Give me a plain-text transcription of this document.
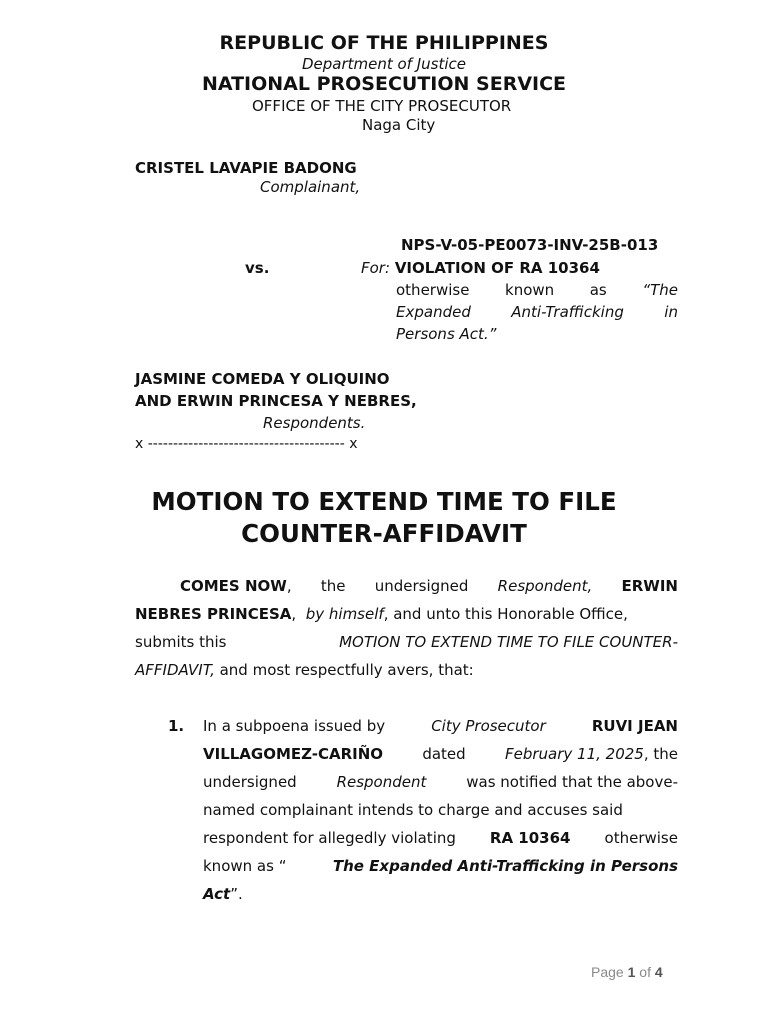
REPUBLIC OF THE PHILIPPINES
Department of Justice
NATIONAL PROSECUTION SERVICE
OFFICE OF THE CITY PROSECUTOR
Naga City
CRISTEL LAVAPIE BADONG
Complainant,
NPS-V-05-PE0073-INV-25B-013
vs.	For: VIOLATION OF RA 10364
otherwise known as “The
Expanded	Anti-Trafficking	in
Persons Act.”
JASMINE COMEDA Y OLIQUINO
AND ERWIN PRINCESA Y NEBRES,
Respondents.
x --------------------------------------- x
MOTION TO EXTEND TIME TO FILE
COUNTER-AFFIDAVIT
COMES NOW, the undersigned Respondent, ERWIN
NEBRES PRINCESA, by himself, and unto this Honorable Office,
submits this	MOTION TO EXTEND TIME TO FILE COUNTER-
AFFIDAVIT, and most respectfully avers, that:
1. In a subpoena issued by	City Prosecutor	RUVI JEAN
VILLAGOMEZ-CARIÑO	dated	February 11, 2025, the
undersigned	Respondent	was notified that the above-
named complainant intends to charge and accuses said
respondent for allegedly violating RA 10364 otherwise
known as “	The Expanded Anti-Trafficking in Persons
Act”.
Page 1 of 4
